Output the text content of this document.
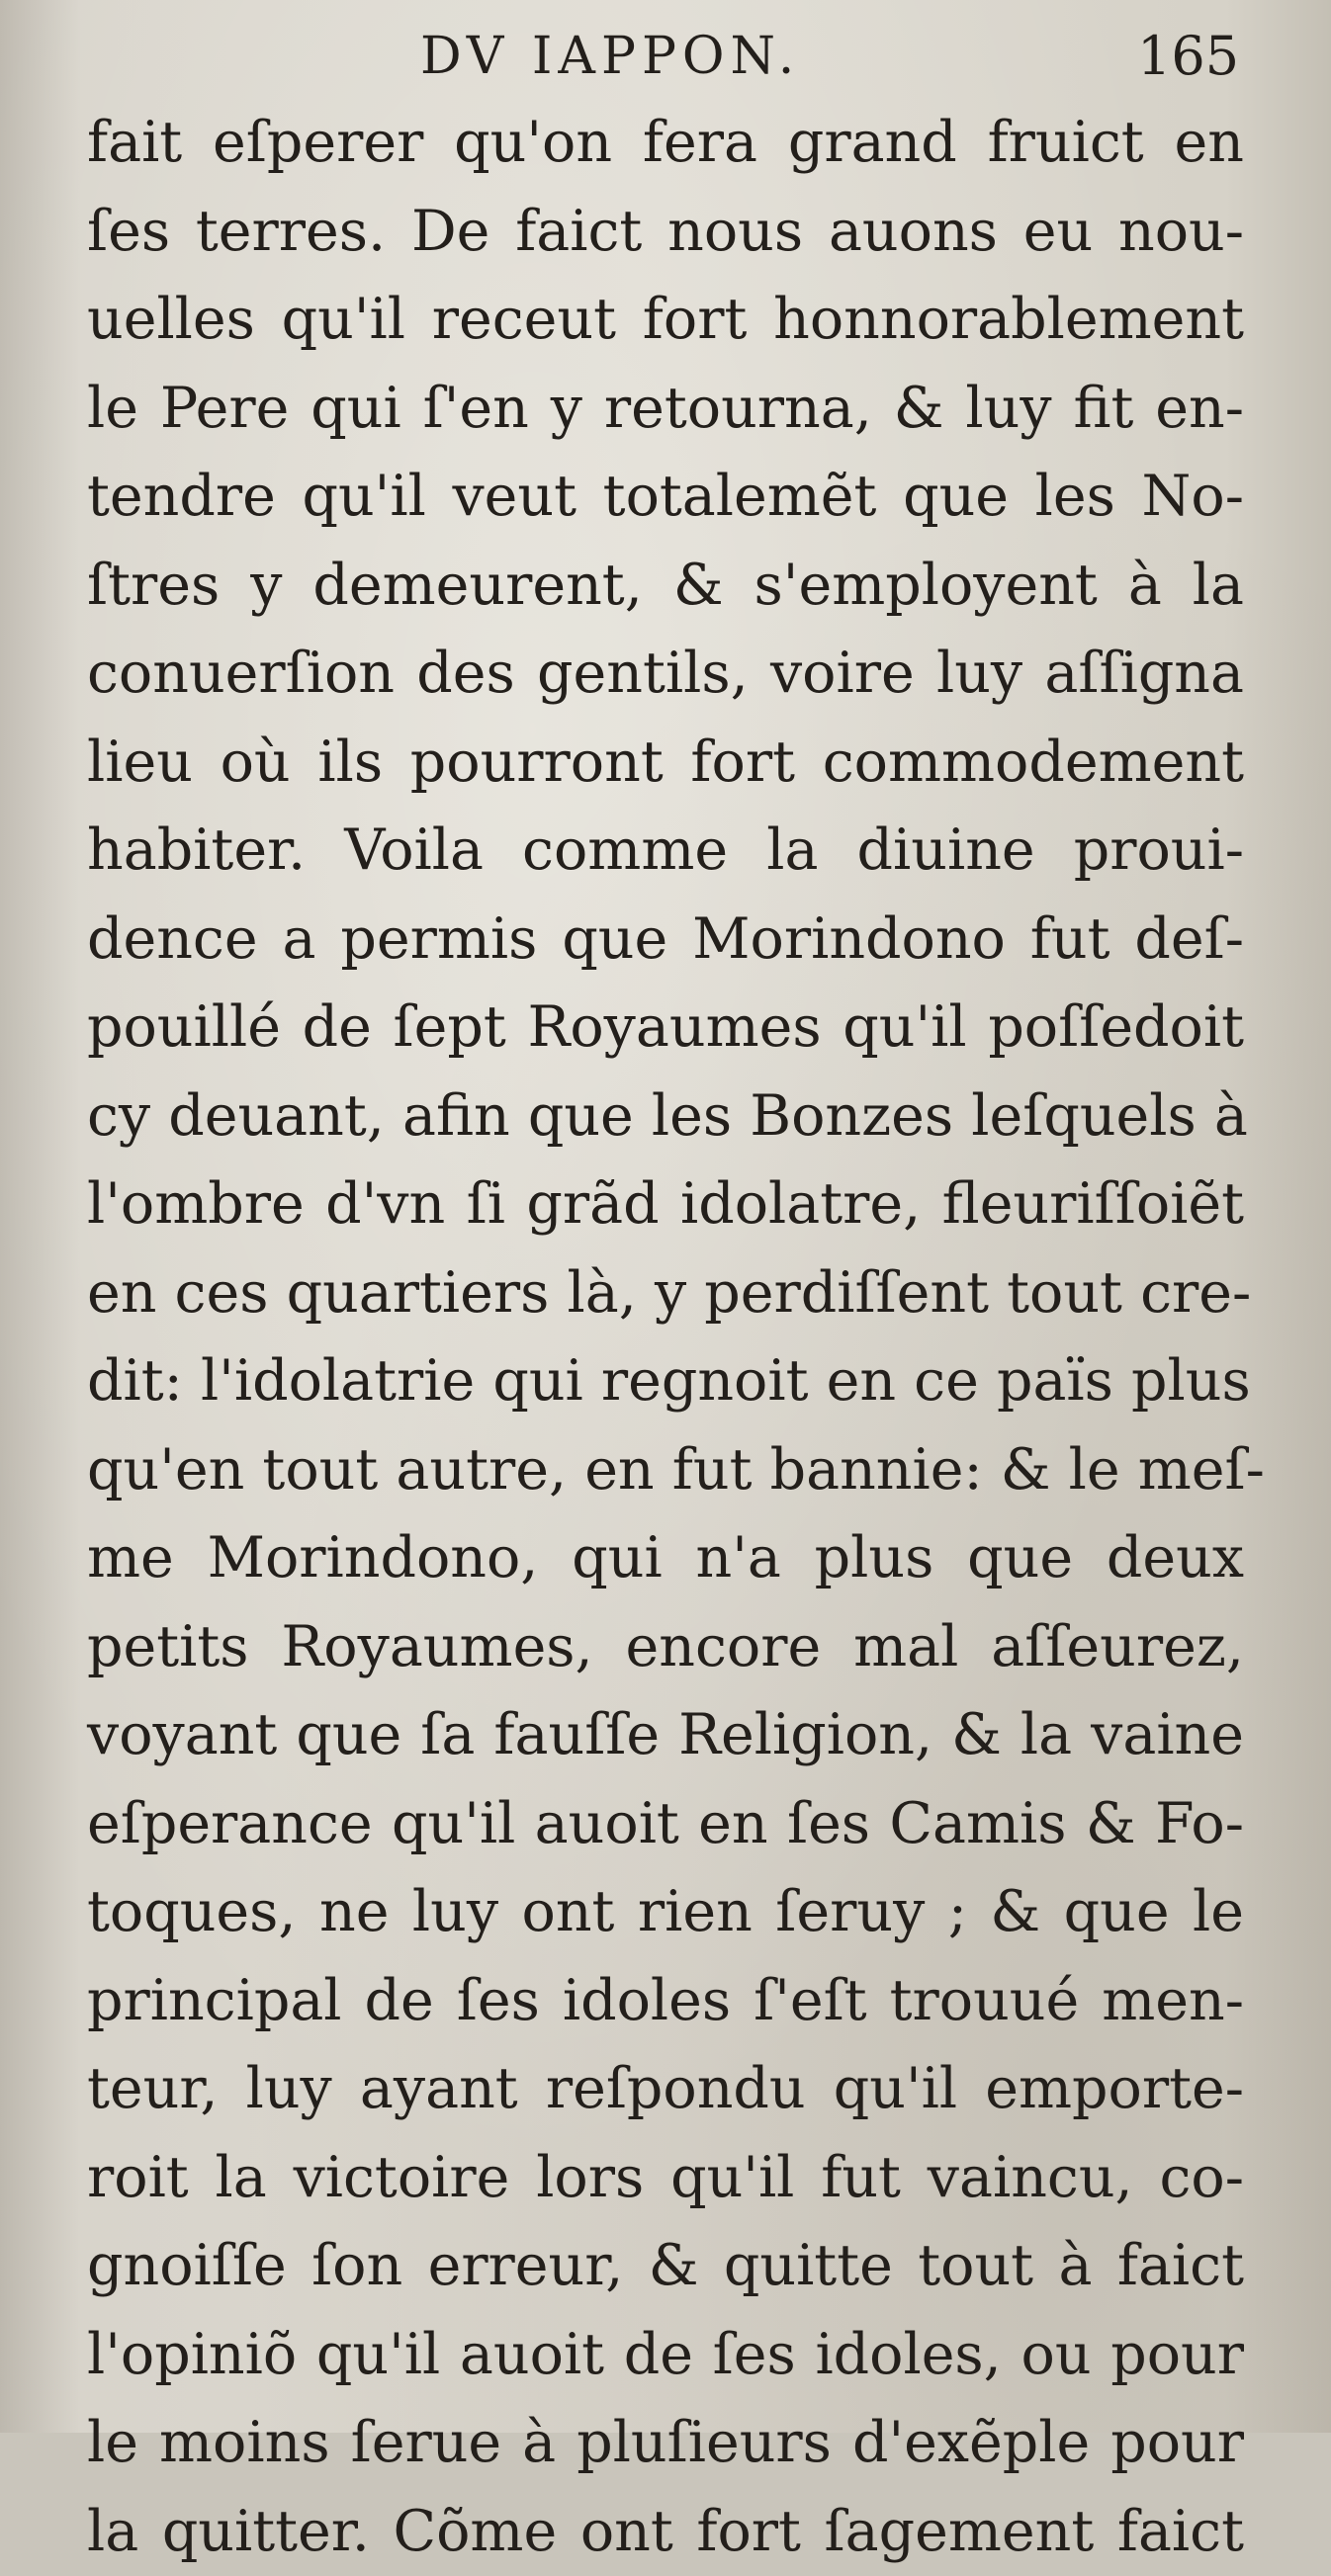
DV IAPPON.	165
fait eſperer qu'on fera grand fruict en
ſes terres. De faict nous auons eu nou-
uelles qu'il receut fort honnorablement
le Pere qui ſ'en y retourna, & luy fit en-
tendre qu'il veut totalemẽt que les No-
ſtres y demeurent, & s'employent à la
conuerſion des gentils, voire luy aſſigna
lieu où ils pourront fort commodement
habiter. Voila comme la diuine proui-
dence a permis que Morindono fut deſ-
pouillé de ſept Royaumes qu'il poſſedoit
cy deuant, afin que les Bonzes leſquels à
l'ombre d'vn ſi grãd idolatre, fleuriſſoiẽt
en ces quartiers là, y perdiſſent tout cre-
dit: l'idolatrie qui regnoit en ce païs plus
qu'en tout autre, en fut bannie: & le meſ-
me Morindono, qui n'a plus que deux
petits Royaumes, encore mal aſſeurez,
voyant que ſa fauſſe Religion, & la vaine
eſperance qu'il auoit en ſes Camis & Fo-
toques, ne luy ont rien ſeruy ; & que le
principal de ſes idoles ſ'eſt trouué men-
teur, luy ayant reſpondu qu'il emporte-
roit la victoire lors qu'il fut vaincu, co-
gnoiſſe ſon erreur, & quitte tout à faict
l'opiniõ qu'il auoit de ſes idoles, ou pour
le moins ſerue à pluſieurs d'exẽple pour
la quitter. Cõme ont fort ſagement faict
